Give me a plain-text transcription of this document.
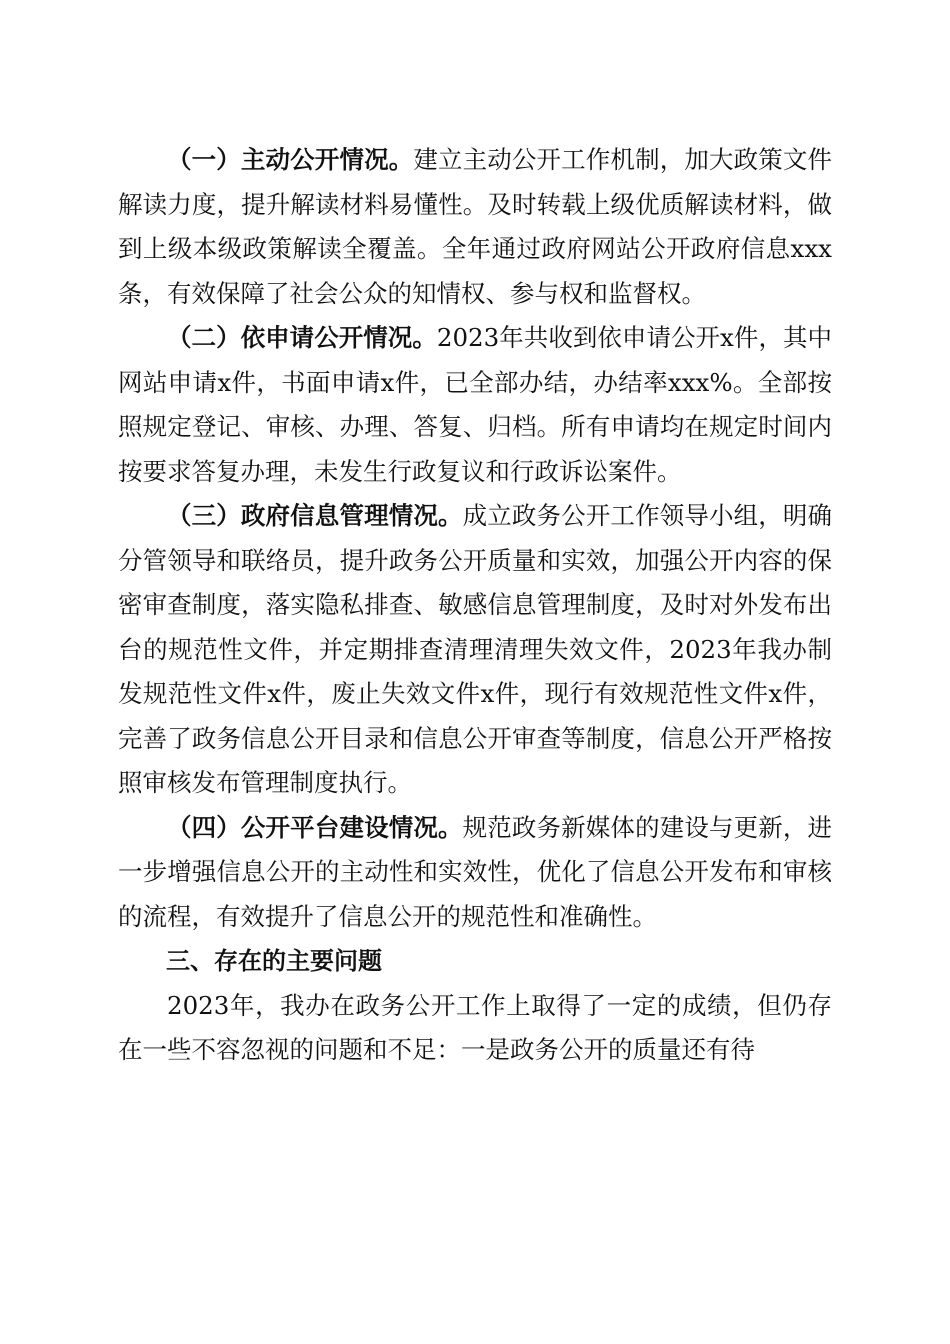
（一）主动公开情况。建立主动公开工作机制，加大政策文件解读力度，提升解读材料易懂性。及时转载上级优质解读材料，做到上级本级政策解读全覆盖。全年通过政府网站公开政府信息xxx条，有效保障了社会公众的知情权、参与权和监督权。

（二）依申请公开情况。2023年共收到依申请公开x件，其中网站申请x件，书面申请x件，已全部办结，办结率xxx%。全部按照规定登记、审核、办理、答复、归档。所有申请均在规定时间内按要求答复办理，未发生行政复议和行政诉讼案件。

（三）政府信息管理情况。成立政务公开工作领导小组，明确分管领导和联络员，提升政务公开质量和实效，加强公开内容的保密审查制度，落实隐私排查、敏感信息管理制度，及时对外发布出台的规范性文件，并定期排查清理清理失效文件，2023年我办制发规范性文件x件，废止失效文件x件，现行有效规范性文件x件，完善了政务信息公开目录和信息公开审查等制度，信息公开严格按照审核发布管理制度执行。

（四）公开平台建设情况。规范政务新媒体的建设与更新，进一步增强信息公开的主动性和实效性，优化了信息公开发布和审核的流程，有效提升了信息公开的规范性和准确性。

三、存在的主要问题

2023年，我办在政务公开工作上取得了一定的成绩，但仍存在一些不容忽视的问题和不足：一是政务公开的质量还有待
